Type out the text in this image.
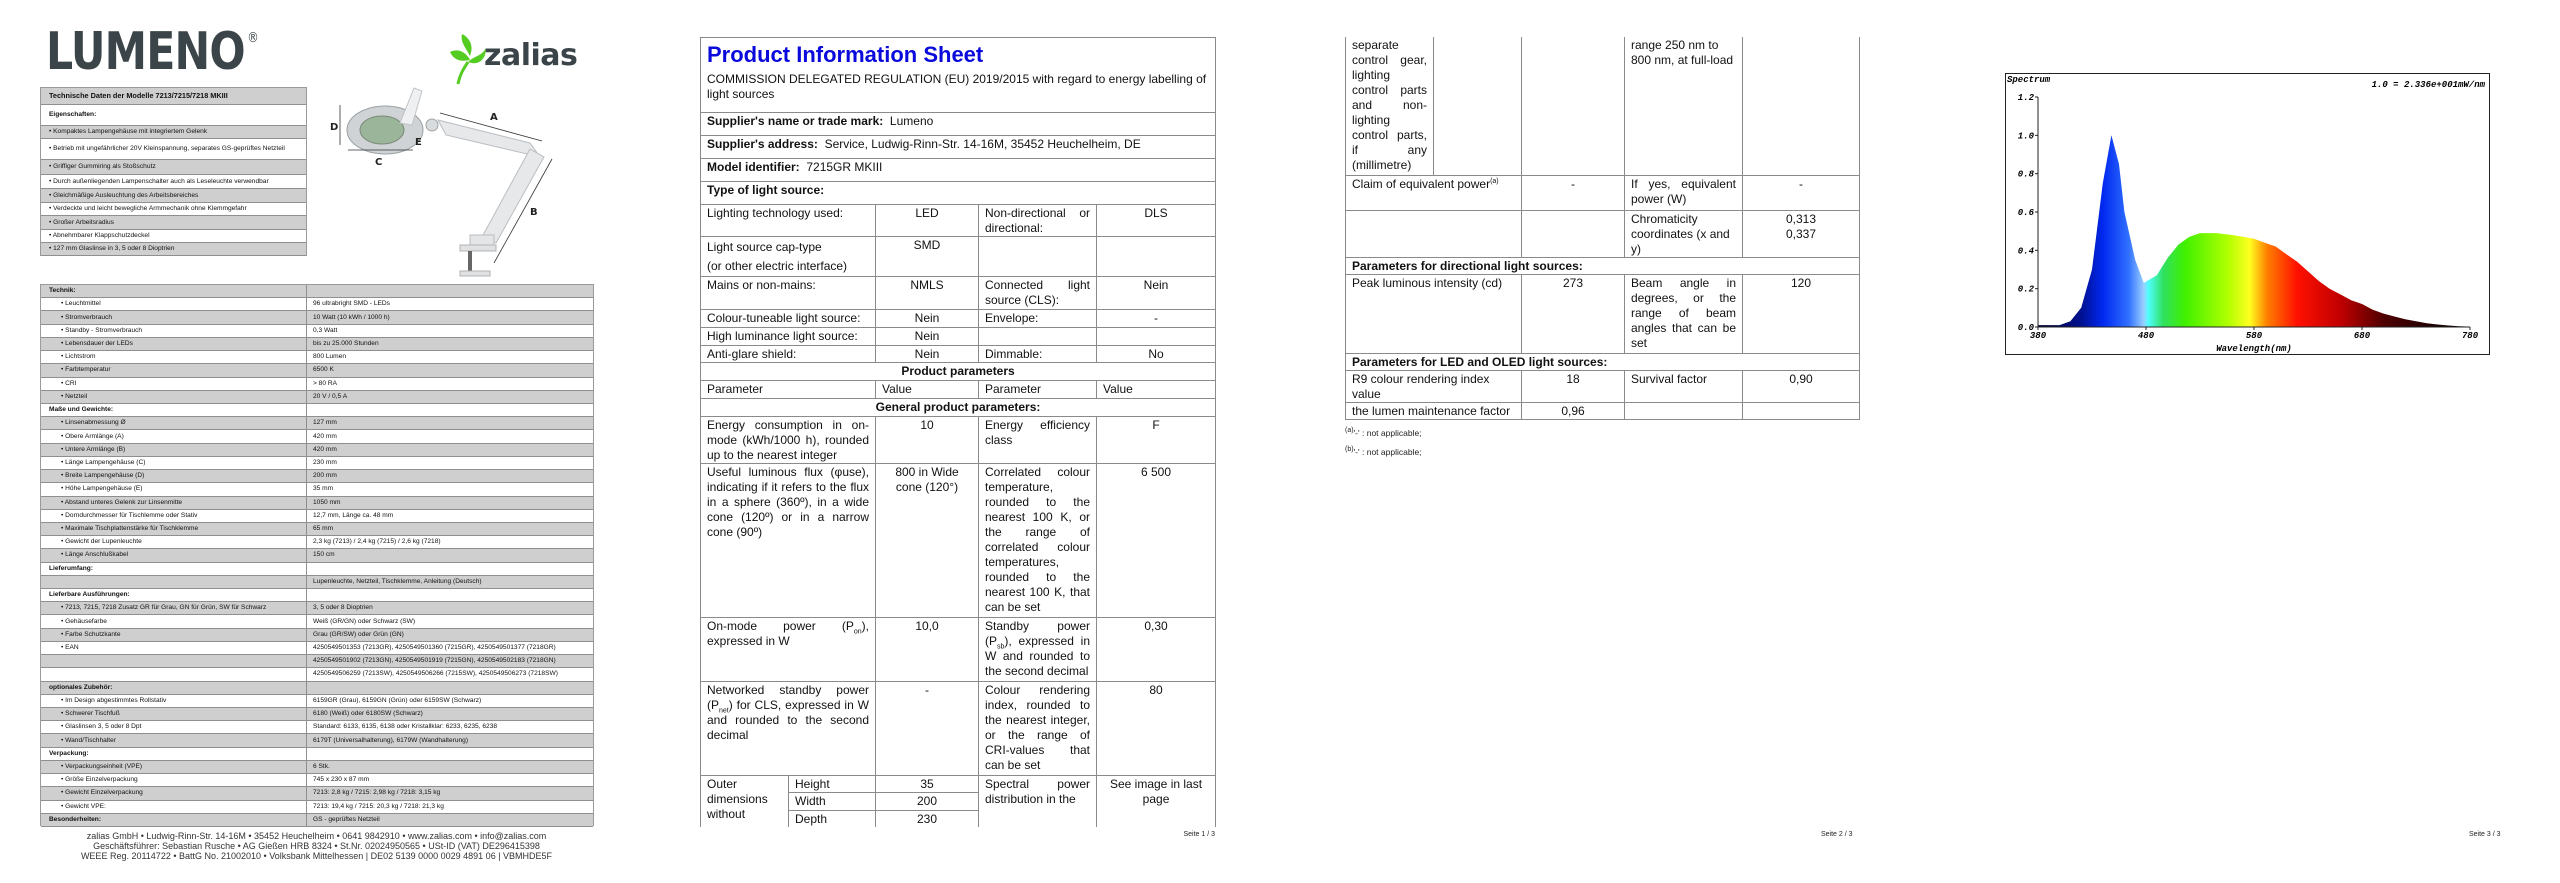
LUMENO ®	zalias
Technische Daten der Modelle 7213/7215/7218 MKIII
Eigenschaften:
• Kompaktes Lampengehäuse mit integriertem Gelenk
• Betrieb mit ungefährlicher 20V Kleinspannung, separates GS-geprüftes Netzteil
• Griffiger Gummiring als Stoßschutz
• Durch außenliegenden Lampenschalter auch als Leseleuchte verwendbar
• Gleichmäßige Ausleuchtung des Arbeitsbereiches
• Verdeckte und leicht bewegliche Armmechanik ohne Klemmgefahr
• Großer Arbeitsradius
• Abnehmbarer Klappschutzdeckel
• 127 mm Glaslinse in 3, 5 oder 8 Dioptrien
A
B
C
D
E
Technik:
• Leuchtmittel	96 ultrabright SMD - LEDs
• Stromverbrauch	10 Watt (10 kWh / 1000 h)
• Standby - Stromverbrauch	0,3 Watt
• Lebensdauer der LEDs	bis zu 25.000 Stunden
• Lichtstrom	800 Lumen
• Farbtemperatur	6500 K
• CRI	> 80 RA
• Netzteil	20 V / 0,5 A
Maße und Gewichte:
• Linsenabmessung Ø	127 mm
• Obere Armlänge (A)	420 mm
• Untere Armlänge (B)	420 mm
• Länge Lampengehäuse (C)	230 mm
• Breite Lampengehäuse (D)	200 mm
• Höhe Lampengehäuse (E)	35 mm
• Abstand unteres Gelenk zur Linsenmitte	1050 mm
• Dorndurchmesser für Tischlemme oder Stativ	12,7 mm, Länge ca. 48 mm
• Maximale Tischplattenstärke für Tischklemme	65 mm
• Gewicht der Lupenleuchte	2,3 kg (7213) / 2,4 kg (7215) / 2,6 kg (7218)
• Länge Anschlußkabel	150 cm
Lieferumfang:
Lupenleuchte, Netzteil, Tischklemme, Anleitung (Deutsch)
Lieferbare Ausführungen:
• 7213, 7215, 7218 Zusatz GR für Grau, GN für Grün, SW für Schwarz	3, 5 oder 8 Dioptrien
• Gehäusefarbe	Weiß (GR/GN) oder Schwarz (SW)
• Farbe Schutzkante	Grau (GR/SW) oder Grün (GN)
• EAN	4250549501353 (7213GR), 4250549501360 (7215GR), 4250549501377 (7218GR)
4250549501902 (7213GN), 4250549501919 (7215GN), 4250549502183 (7218GN)
4250549506259 (7213SW), 4250549506266 (7215SW), 4250549506273 (7218SW)
optionales Zubehör:
• Im Design abgestimmtes Rollstativ	6159GR (Grau), 6159GN (Grün) oder 6159SW (Schwarz)
• Schwerer Tischfuß	6180 (Weiß) oder 6180SW (Schwarz)
• Glaslinsen 3, 5 oder 8 Dpt	Standard: 6133, 6135, 6138 oder Kristallklar: 6233, 6235, 6238
• Wand/Tischhalter	6179T (Universalhalterung), 6179W (Wandhalterung)
Verpackung:
• Verpackungseinheit (VPE)	6 Stk.
• Größe Einzelverpackung	745 x 230 x 87 mm
• Gewicht Einzelverpackung	7213: 2,8 kg / 7215: 2,98 kg / 7218: 3,15 kg
• Gewicht VPE:	7213: 19,4 kg / 7215: 20,3 kg / 7218: 21,3 kg
Besonderheiten:	GS - geprüftes Netzteil
zalias GmbH • Ludwig-Rinn-Str. 14-16M • 35452 Heuchelheim • 0641 9842910 • www.zalias.com • info@zalias.com
Geschäftsführer: Sebastian Rusche • AG Gießen HRB 8324 • St.Nr. 02024950565 • USt-ID (VAT) DE296415398
WEEE Reg. 20114722 • BattG No. 21002010 • Volksbank Mittelhessen | DE02 5139 0000 0029 4891 06 | VBMHDE5F
Product Information Sheet
COMMISSION DELEGATED REGULATION (EU) 2019/2015 with regard to energy labelling of light sources				

Supplier's name or trade mark: Lumeno				
Supplier's address: Service, Ludwig-Rinn-Str. 14-16M, 35452 Heuchelheim, DE				
Model identifier: 7215GR MKIII				
Type of light source:				
Lighting technology used:		LED	Non-directional or directional:	DLS

Light source cap-type
(or other electric interface)		SMD		
Mains or non-mains:		NMLS	Connected light source (CLS):	Nein
Colour-tuneable light source:		Nein	Envelope:	-
High luminance light source:		Nein		
Anti-glare shield:		Nein	Dimmable:	No
Product parameters				
Parameter		Value	Parameter	Value
General product parameters:				
Energy consumption in on-mode (kWh/1000 h), rounded up to the nearest integer		10	Energy efficiency class	F
Useful luminous flux (φuse), indicating if it refers to the flux in a sphere (360º), in a wide cone (120º) or in a narrow cone (90º)		800 in Wide cone (120°)	Correlated colour temperature, rounded to the nearest 100 K, or the range of correlated colour temperatures, rounded to the nearest 100 K, that can be set	6 500
On-mode power $(P_{on})$, expressed in W		10,0	Standby power $(P_{sb})$, expressed in W and rounded to the second decimal	0,30
Networked standby power $(P_{net})$ for CLS, expressed in W and rounded to the second decimal		-	Colour rendering index, rounded to the nearest integer, or the range of CRI-values that can be set	80
Outer dimensions without	Height	35	Spectral power distribution in the	See image in last page
	Width	200		
	Depth	230		
Seite 1 / 3
separate control gear, lighting control parts and non-lighting control parts, if any (millimetre)			range 250 nm to 800 nm, at full-load	
Claim of equivalent power$^{(a)}$		-	If yes, equivalent power (W)	-
			Chromaticity coordinates (x and y)	0,313
0,337

Parameters for directional light sources:				
Peak luminous intensity (cd)		273	Beam angle in degrees, or the range of beam angles that can be set	120
Parameters for LED and OLED light sources:				
R9 colour rendering index value		18	Survival factor	0,90
the lumen maintenance factor		0,96		
$^{(a)}$'-' : not applicable;
$^{(b)}$'-' : not applicable;
Seite 2 / 3
Spectrum	1.0 = 2.336e+001mW/nm
0.0
0.2
0.4
0.6
0.8
1.0
1.2
380	480	580	680	780
Wavelength(nm)
Seite 3 / 3
